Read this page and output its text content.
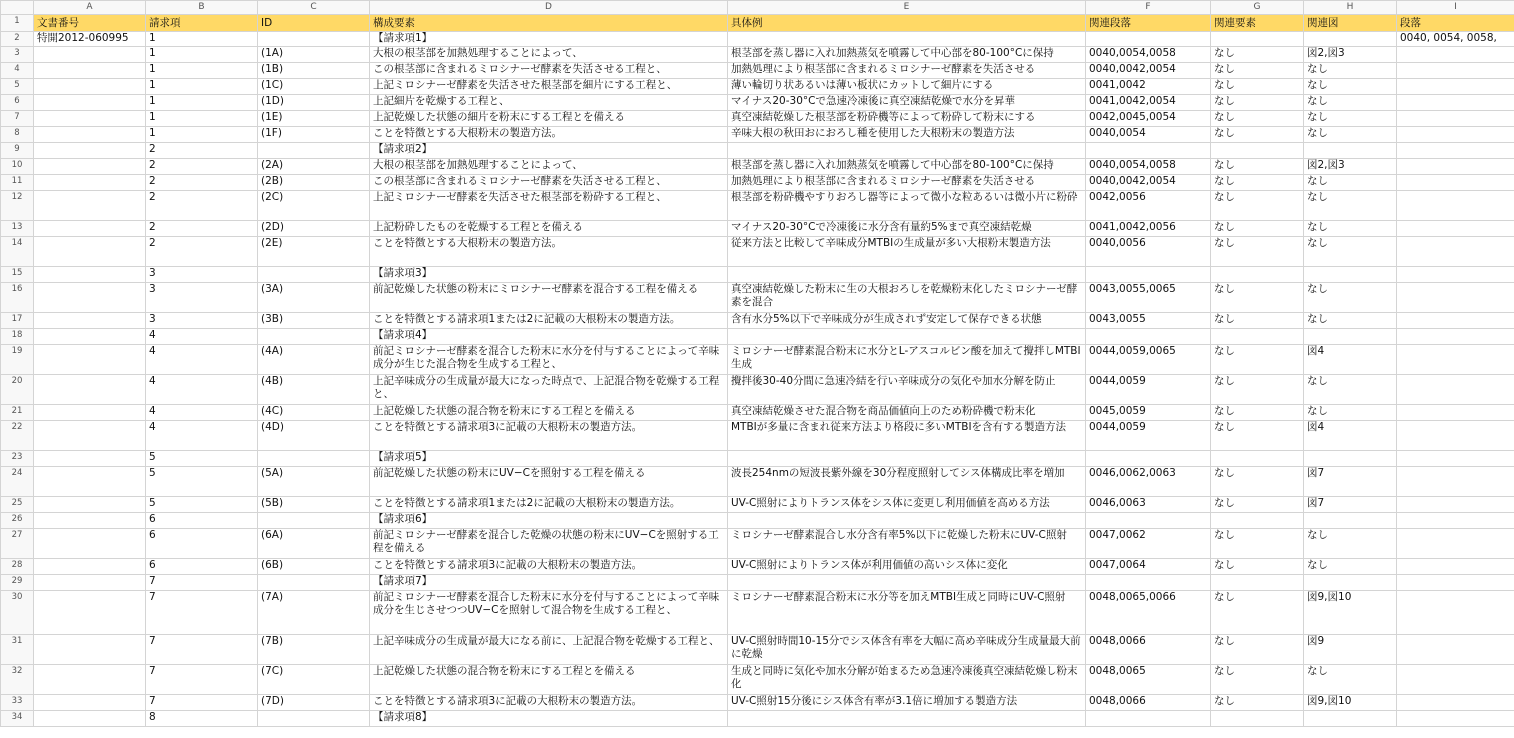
	A	B	C	D	E	F	G	H	I
1	文書番号	請求項	ID	構成要素	具体例	関連段落	関連要素	関連図	段落
2	特開2012-060995	1		【請求項1】					0040, 0054, 0058,
3		1	(1A)	大根の根茎部を加熱処理することによって、	根茎部を蒸し器に入れ加熱蒸気を噴霧して中心部を80-100°Cに保持	0040,0054,0058	なし	図2,図3	
4		1	(1B)	この根茎部に含まれるミロシナーゼ酵素を失活させる工程と、	加熱処理により根茎部に含まれるミロシナーゼ酵素を失活させる	0040,0042,0054	なし	なし	
5		1	(1C)	上記ミロシナーゼ酵素を失活させた根茎部を細片にする工程と、	薄い輪切り状あるいは薄い板状にカットして細片にする	0041,0042	なし	なし	
6		1	(1D)	上記細片を乾燥する工程と、	マイナス20-30°Cで急速冷凍後に真空凍結乾燥で水分を昇華	0041,0042,0054	なし	なし	
7		1	(1E)	上記乾燥した状態の細片を粉末にする工程とを備える	真空凍結乾燥した根茎部を粉砕機等によって粉砕して粉末にする	0042,0045,0054	なし	なし	
8		1	(1F)	ことを特徴とする大根粉末の製造方法。	辛味大根の秋田おにおろし種を使用した大根粉末の製造方法	0040,0054	なし	なし	
9		2		【請求項2】					
10		2	(2A)	大根の根茎部を加熱処理することによって、	根茎部を蒸し器に入れ加熱蒸気を噴霧して中心部を80-100°Cに保持	0040,0054,0058	なし	図2,図3	
11		2	(2B)	この根茎部に含まれるミロシナーゼ酵素を失活させる工程と、	加熱処理により根茎部に含まれるミロシナーゼ酵素を失活させる	0040,0042,0054	なし	なし	
12		2	(2C)	上記ミロシナーゼ酵素を失活させた根茎部を粉砕する工程と、	根茎部を粉砕機やすりおろし器等によって微小な粒あるいは微小片に粉砕	0042,0056	なし	なし	
13		2	(2D)	上記粉砕したものを乾燥する工程とを備える	マイナス20-30°Cで冷凍後に水分含有量約5%まで真空凍結乾燥	0041,0042,0056	なし	なし	
14		2	(2E)	ことを特徴とする大根粉末の製造方法。	従来方法と比較して辛味成分MTBIの生成量が多い大根粉末製造方法	0040,0056	なし	なし	
15		3		【請求項3】					
16		3	(3A)	前記乾燥した状態の粉末にミロシナーゼ酵素を混合する工程を備える	真空凍結乾燥した粉末に生の大根おろしを乾燥粉末化したミロシナーゼ酵素を混合	0043,0055,0065	なし	なし	
17		3	(3B)	ことを特徴とする請求項1または2に記載の大根粉末の製造方法。	含有水分5%以下で辛味成分が生成されず安定して保存できる状態	0043,0055	なし	なし	
18		4		【請求項4】					
19		4	(4A)	前記ミロシナーゼ酵素を混合した粉末に水分を付与することによって辛味成分が生じた混合物を生成する工程と、	ミロシナーゼ酵素混合粉末に水分とL-アスコルビン酸を加えて攪拌しMTBI生成	0044,0059,0065	なし	図4	
20		4	(4B)	上記辛味成分の生成量が最大になった時点で、上記混合物を乾燥する工程と、	攪拌後30-40分間に急速冷結を行い辛味成分の気化や加水分解を防止	0044,0059	なし	なし	
21		4	(4C)	上記乾燥した状態の混合物を粉末にする工程とを備える	真空凍結乾燥させた混合物を商品価値向上のため粉砕機で粉末化	0045,0059	なし	なし	
22		4	(4D)	ことを特徴とする請求項3に記載の大根粉末の製造方法。	MTBIが多量に含まれ従来方法より格段に多いMTBIを含有する製造方法	0044,0059	なし	図4	
23		5		【請求項5】					
24		5	(5A)	前記乾燥した状態の粉末にUV−Cを照射する工程を備える	波長254nmの短波長紫外線を30分程度照射してシス体構成比率を増加	0046,0062,0063	なし	図7	
25		5	(5B)	ことを特徴とする請求項1または2に記載の大根粉末の製造方法。	UV-C照射によりトランス体をシス体に変更し利用価値を高める方法	0046,0063	なし	図7	
26		6		【請求項6】					
27		6	(6A)	前記ミロシナーゼ酵素を混合した乾燥の状態の粉末にUV−Cを照射する工程を備える	ミロシナーゼ酵素混合し水分含有率5%以下に乾燥した粉末にUV-C照射	0047,0062	なし	なし	
28		6	(6B)	ことを特徴とする請求項3に記載の大根粉末の製造方法。	UV-C照射によりトランス体が利用価値の高いシス体に変化	0047,0064	なし	なし	
29		7		【請求項7】					
30		7	(7A)	前記ミロシナーゼ酵素を混合した粉末に水分を付与することによって辛味成分を生じさせつつUV−Cを照射して混合物を生成する工程と、	ミロシナーゼ酵素混合粉末に水分等を加えMTBI生成と同時にUV-C照射	0048,0065,0066	なし	図9,図10	
31		7	(7B)	上記辛味成分の生成量が最大になる前に、上記混合物を乾燥する工程と、	UV-C照射時間10-15分でシス体含有率を大幅に高め辛味成分生成量最大前に乾燥	0048,0066	なし	図9	
32		7	(7C)	上記乾燥した状態の混合物を粉末にする工程とを備える	生成と同時に気化や加水分解が始まるため急速冷凍後真空凍結乾燥し粉末化	0048,0065	なし	なし	
33		7	(7D)	ことを特徴とする請求項3に記載の大根粉末の製造方法。	UV-C照射15分後にシス体含有率が3.1倍に増加する製造方法	0048,0066	なし	図9,図10	
34		8		【請求項8】					
